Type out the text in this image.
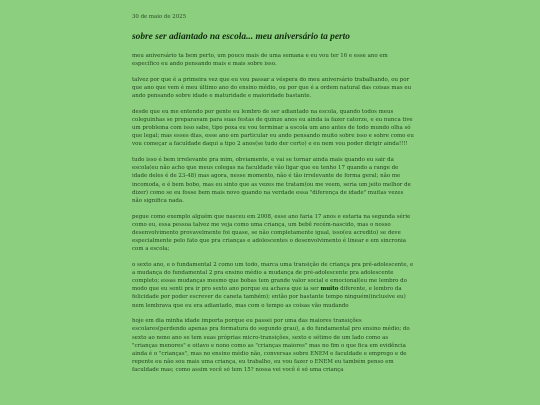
30 de maio de 2025
sobre ser adiantado na escola... meu aniversário ta perto

meu aniversário ta bem perto, um pouco mais de uma semana e eu vou ter 16 e esse ano em específico eu ando pensando mais e mais sobre isso.

talvez por que é a primeira vez que eu vou passar a véspera do meu aniversário trabalhando, ou por que ano que vem é meu último ano do ensino médio, ou por que é a ordem natural das coisas mas eu ando pensando sobre idade e maturidade e maioridade bastante.

desde que eu me entendo por gente eu lembro de ser adiantado na escola, quando todos meus coleguinhas se preparavam para suas festas de quinze anos eu ainda ia fazer catorze, e eu nunca tive um problema com isso sabe, tipo poxa eu vou terminar a escola um ano antes de todo mundo olha só que legal; mas esses dias, esse ano em particular eu ando pensando muito sobre isso e sobre como eu vou começar a faculdade daqui a tipo 2 anos(se tudo der certo) e eu nem vou poder dirigir ainda!!!!

tudo isso é bem irrelevante pra mim, obviamente, e vai se tornar ainda mais quando eu sair da escola(eu não acho que meus colegas na faculdade vão ligar que eu tenho 17 quando a range de idade deles é de 23-48) mas agora, nesse momento, não é tão irrelevante de forma geral; não me incomoda, e é bem bobo, mas eu sinto que as vezes me tratam(ou me veem, seria um jeito melhor de dizer) como se eu fosse bem mais novo quando na verdade essa "diferença de idade" muitas vezes não significa nada.

pegue como exemplo alguém que nasceu em 2008, esse ano faria 17 anos e estaria na segunda série como eu, essa pessoa talvez me veja como uma criança, um bebê recém-nascido, mas o nosso desenvolvimento provavelmente foi quase, se não completamente igual, isso(eu acredito) se deve especialmente pelo fato que pra crianças e adolescentes o desenvolvimento é linear e em sincronia com a escola;

o sexto ano, e o fundamental 2 como um todo, marca uma transição de criança pra pré-adolescente, e a mudança do fundamental 2 pra ensino médio a mudança de pré-adolescente pra adolescente completo; essas mudanças mesmo que bobas tem grande valor social e emocional(eu me lembro do modo que eu senti pra ir pro sexto ano porque eu achava que ia ser muito diferente, e lembro da felicidade por poder escrever de caneta também); então por bastante tempo ninguém(inclusive eu) nem lembrava que eu era adiantado, mas com o tempo as coisas vão mudando

hoje em dia minha idade importa porque eu passei por uma das maiores transições escolares(perdendo apenas pra formatura do segundo grau), a do fundamental pro ensino médio; do sexto ao nono ano se tem suas próprias micro-transições, sexto e sétimo de um lado como as "crianças menores" e oitavo e nono como as "crianças maiores" mas no fim o que fica em evidência ainda é o "crianças", mas no ensino médio não, conversas sobre ENEM e faculdade e emprego e de repente eu não sou mais uma criança, eu trabalho, eu vou fazer o ENEM eu também penso em faculdade mas; como assim você só tem 15? nossa vei você é só uma criança
